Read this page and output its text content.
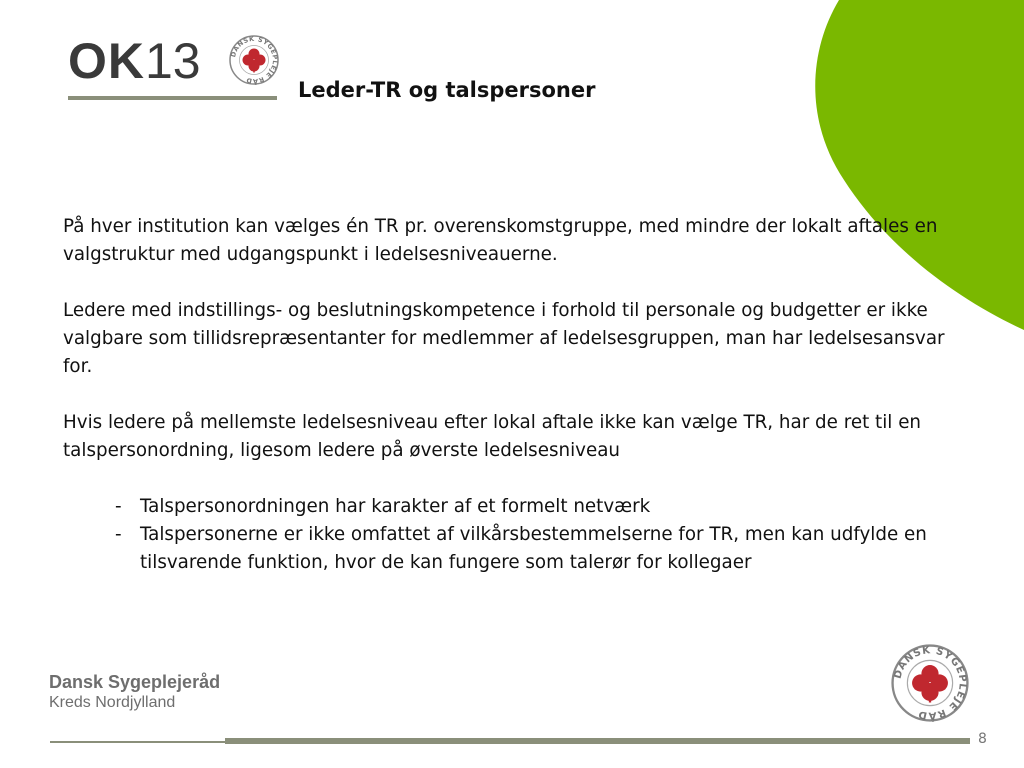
OK13 DANSK SYGEPLEJE RÅD	Leder-TR og talspersoner

På hver institution kan vælges én TR pr. overenskomstgruppe, med mindre der lokalt aftales en valgstruktur med udgangspunkt i ledelsesniveauerne.

Ledere med indstillings- og beslutningskompetence i forhold til personale og budgetter er ikke valgbare som tillidsrepræsentanter for medlemmer af ledelsesgruppen, man har ledelsesansvar for.

Hvis ledere på mellemste ledelsesniveau efter lokal aftale ikke kan vælge TR, har de ret til en talspersonordning, ligesom ledere på øverste ledelsesniveau

- Talspersonordningen har karakter af et formelt netværk
- Talspersonerne er ikke omfattet af vilkårsbestemmelserne for TR, men kan udfylde en tilsvarende funktion, hvor de kan fungere som talerør for kollegaer
Dansk Sygeplejeråd
Kreds Nordjylland
DANSK SYGEPLEJE RÅD
8
